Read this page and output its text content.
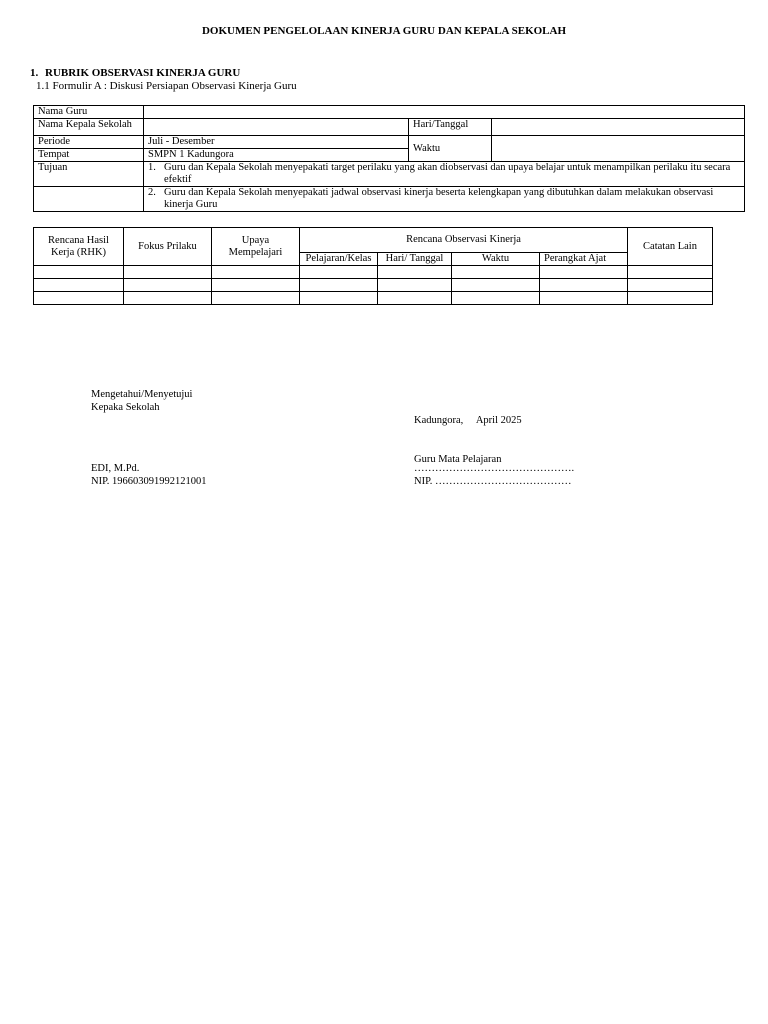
DOKUMEN PENGELOLAAN KINERJA GURU DAN KEPALA SEKOLAH
1. RUBRIK OBSERVASI KINERJA GURU
1.1 Formulir A : Diskusi Persiapan Observasi Kinerja Guru
Nama Guru			
Nama Kepala Sekolah		Hari/Tanggal	
Periode	Juli - Desember	Waktu	
Tempat	SMPN 1 Kadungora		
Tujuan	1. Guru dan Kepala Sekolah menyepakati target perilaku yang akan diobservasi dan upaya belajar untuk menampilkan perilaku itu secara efektif		

	2. Guru dan Kepala Sekolah menyepakati jadwal observasi kinerja beserta kelengkapan yang dibutuhkan dalam melakukan observasi kinerja Guru		
Rencana Hasil Kerja (RHK)	Fokus Prilaku	Upaya Mempelajari	Rencana Observasi Kinerja				Catatan Lain
			Pelajaran/Kelas	Hari/ Tanggal	Waktu	Perangkat Ajat	

Mengetahui/Menyetujui
Kepaka Sekolah
EDI, M.Pd.
NIP. 196603091992121001

Kadungora,     April 2025

Guru Mata Pelajaran

……………………………………….
NIP. …………………………………
